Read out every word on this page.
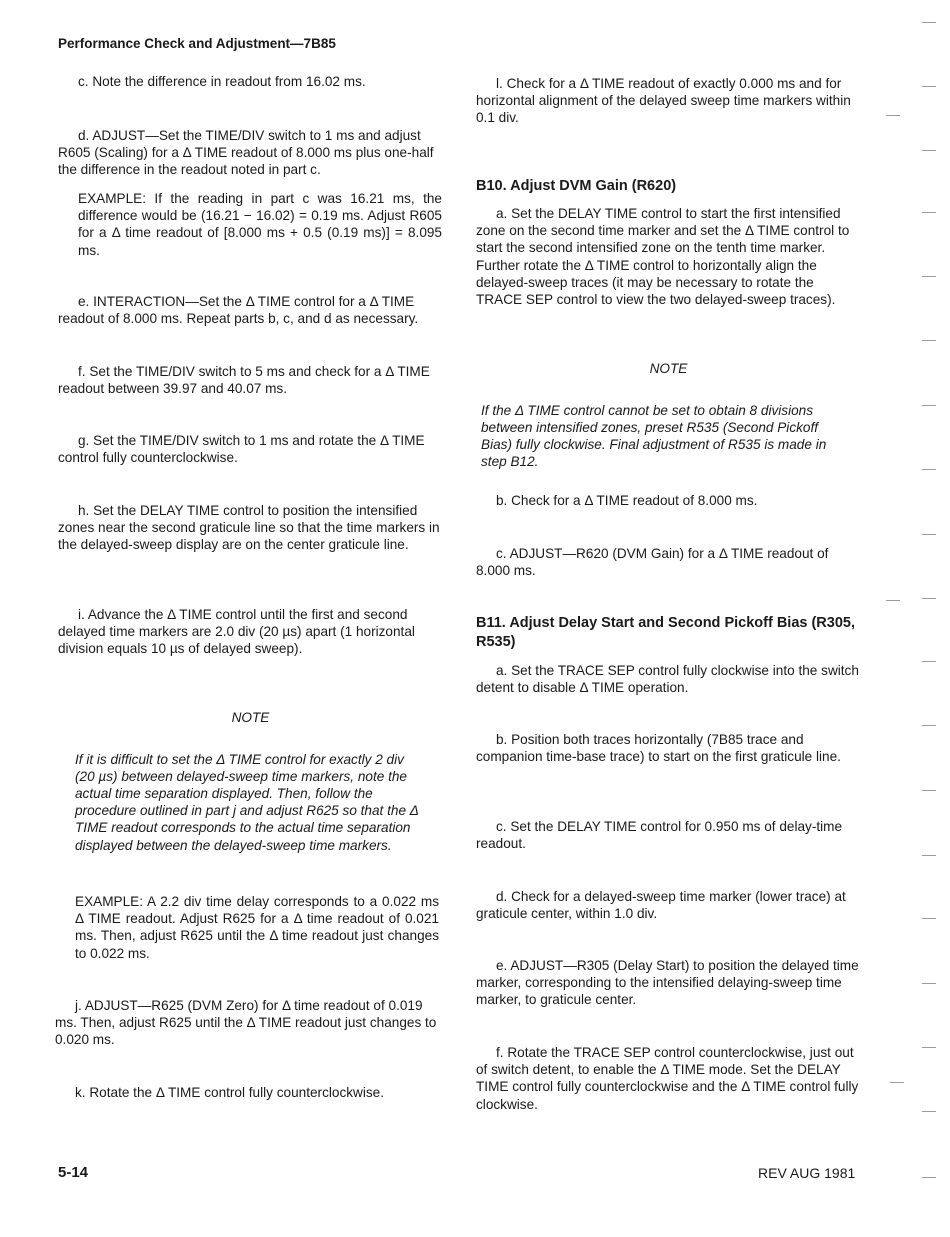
Performance Check and Adjustment—7B85

c. Note the difference in readout from 16.02 ms.

d. ADJUST—Set the TIME/DIV switch to 1 ms and adjust R605 (Scaling) for a Δ TIME readout of 8.000 ms plus one-half the difference in the readout noted in part c.

EXAMPLE: If the reading in part c was 16.21 ms, the difference would be (16.21 − 16.02) = 0.19 ms. Adjust R605 for a Δ time readout of [8.000 ms + 0.5 (0.19 ms)] = 8.095 ms.

e. INTERACTION—Set the Δ TIME control for a Δ TIME readout of 8.000 ms. Repeat parts b, c, and d as necessary.

f. Set the TIME/DIV switch to 5 ms and check for a Δ TIME readout between 39.97 and 40.07 ms.

g. Set the TIME/DIV switch to 1 ms and rotate the Δ TIME control fully counterclockwise.

h. Set the DELAY TIME control to position the intensified zones near the second graticule line so that the time markers in the delayed-sweep display are on the center graticule line.

i. Advance the Δ TIME control until the first and second delayed time markers are 2.0 div (20 µs) apart (1 horizontal division equals 10 µs of delayed sweep).

NOTE

If it is difficult to set the Δ TIME control for exactly 2 div (20 µs) between delayed-sweep time markers, note the actual time separation displayed. Then, follow the procedure outlined in part j and adjust R625 so that the Δ TIME readout corresponds to the actual time separation displayed between the delayed-sweep time markers.

EXAMPLE: A 2.2 div time delay corresponds to a 0.022 ms Δ TIME readout. Adjust R625 for a Δ time readout of 0.021 ms. Then, adjust R625 until the Δ time readout just changes to 0.022 ms.

j. ADJUST—R625 (DVM Zero) for Δ time readout of 0.019 ms. Then, adjust R625 until the Δ TIME readout just changes to 0.020 ms.

k. Rotate the Δ TIME control fully counterclockwise.

l. Check for a Δ TIME readout of exactly 0.000 ms and for horizontal alignment of the delayed sweep time markers within 0.1 div.

B10. Adjust DVM Gain (R620)

a. Set the DELAY TIME control to start the first intensified zone on the second time marker and set the Δ TIME control to start the second intensified zone on the tenth time marker. Further rotate the Δ TIME control to horizontally align the delayed-sweep traces (it may be necessary to rotate the TRACE SEP control to view the two delayed-sweep traces).

NOTE

If the Δ TIME control cannot be set to obtain 8 divisions between intensified zones, preset R535 (Second Pickoff Bias) fully clockwise. Final adjustment of R535 is made in step B12.

b. Check for a Δ TIME readout of 8.000 ms.

c. ADJUST—R620 (DVM Gain) for a Δ TIME readout of 8.000 ms.

B11. Adjust Delay Start and Second Pickoff Bias (R305, R535)

a. Set the TRACE SEP control fully clockwise into the switch detent to disable Δ TIME operation.

b. Position both traces horizontally (7B85 trace and companion time-base trace) to start on the first graticule line.

c. Set the DELAY TIME control for 0.950 ms of delay-time readout.

d. Check for a delayed-sweep time marker (lower trace) at graticule center, within 1.0 div.

e. ADJUST—R305 (Delay Start) to position the delayed time marker, corresponding to the intensified delaying-sweep time marker, to graticule center.

f. Rotate the TRACE SEP control counterclockwise, just out of switch detent, to enable the Δ TIME mode. Set the DELAY TIME control fully counterclockwise and the Δ TIME control fully clockwise.

5-14	REV AUG 1981
